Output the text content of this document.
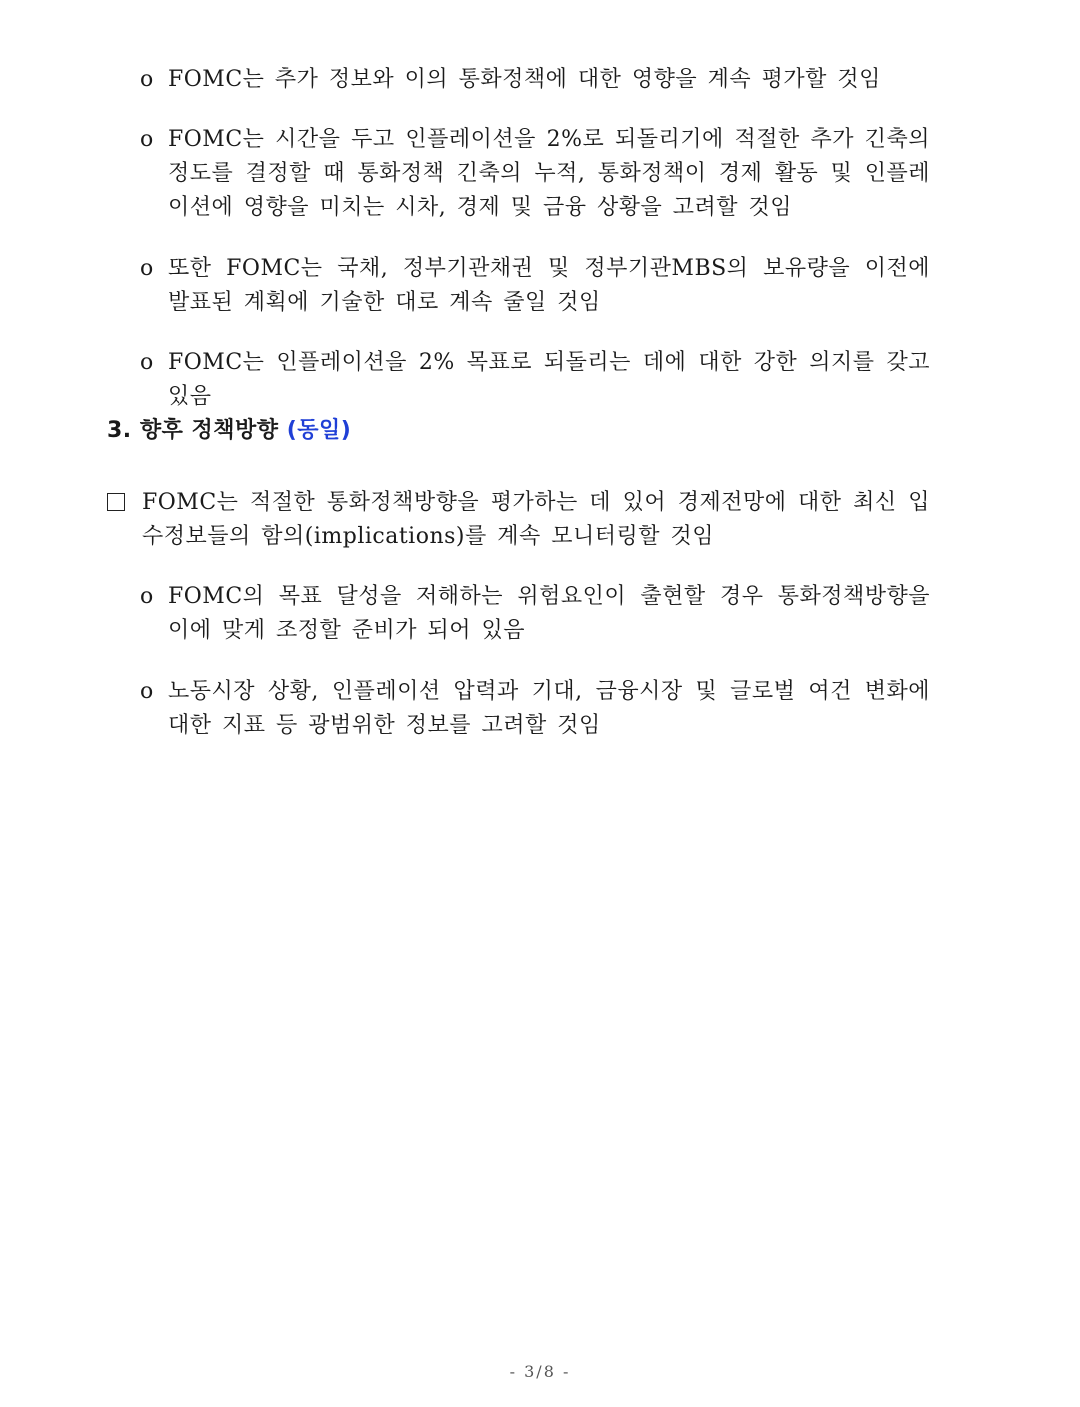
o FOMC는 추가 정보와 이의 통화정책에 대한 영향을 계속 평가할 것임
o FOMC는 시간을 두고 인플레이션을 2%로 되돌리기에 적절한 추가 긴축의 정도를 결정할 때 통화정책 긴축의 누적, 통화정책이 경제 활동 및 인플레이션에 영향을 미치는 시차, 경제 및 금융 상황을 고려할 것임
o 또한 FOMC는 국채, 정부기관채권 및 정부기관MBS의 보유량을 이전에 발표된 계획에 기술한 대로 계속 줄일 것임
o FOMC는 인플레이션을 2% 목표로 되돌리는 데에 대한 강한 의지를 갖고 있음
3. 향후 정책방향 (동일)
FOMC는 적절한 통화정책방향을 평가하는 데 있어 경제전망에 대한 최신 입수정보들의 함의(implications)를 계속 모니터링할 것임
o FOMC의 목표 달성을 저해하는 위험요인이 출현할 경우 통화정책방향을 이에 맞게 조정할 준비가 되어 있음
o 노동시장 상황, 인플레이션 압력과 기대, 금융시장 및 글로벌 여건 변화에 대한 지표 등 광범위한 정보를 고려할 것임
- 3/8 -
